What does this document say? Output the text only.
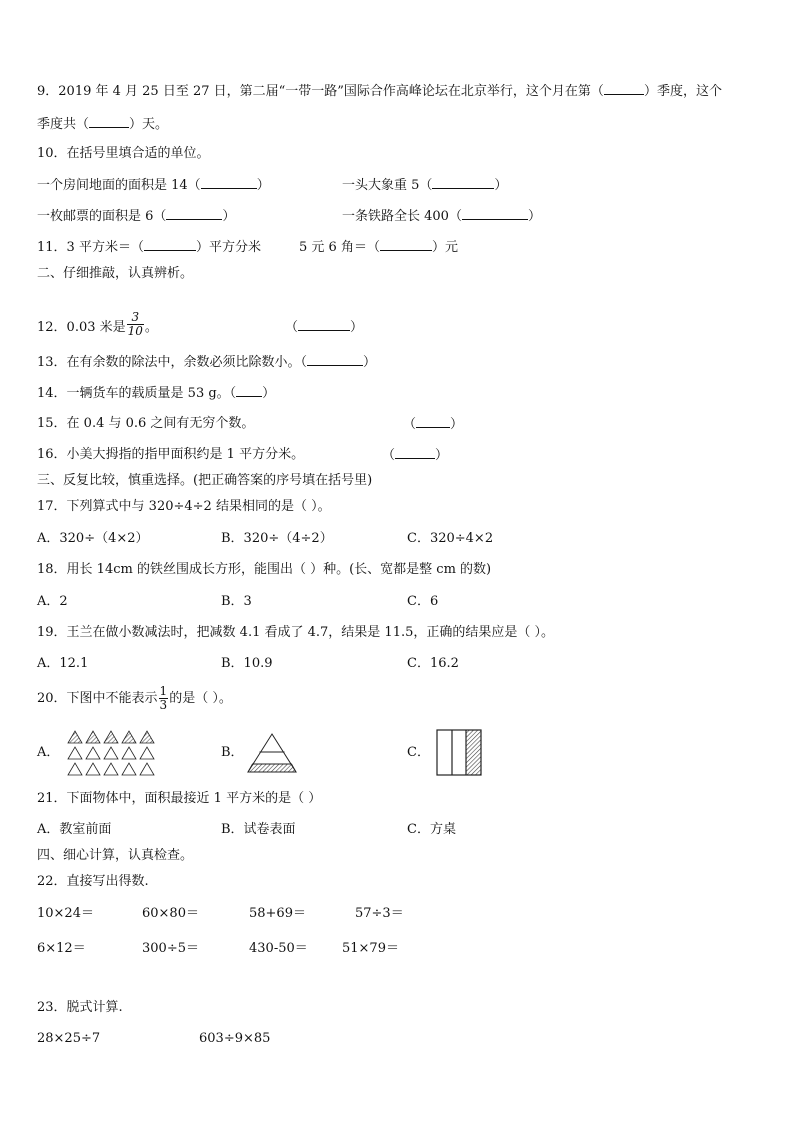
9．2019 年 4 月 25 日至 27 日，第二届“一带一路”国际合作高峰论坛在北京举行，这个月在第（	）季度，这个
季度共（	）天。
10．在括号里填合适的单位。
一个房间地面的面积是 14（	）	一头大象重 5（	）
一枚邮票的面积是 6（	）	一条铁路全长 400（	）
11．3 平方米＝（	）平方分米	5 元 6 角＝（	）元
二、仔细推敲，认真辨析。
12．0.03 米是 $\frac{3}{10}$ 。	（	）
13．在有余数的除法中，余数必须比除数小。（	）
14．一辆货车的载质量是 53 g。（ ）
15．在 0.4 与 0.6 之间有无穷个数。	（	）
16．小美大拇指的指甲面积约是 1 平方分米。	（	）
三、反复比较，慎重选择。(把正确答案的序号填在括号里)
17．下列算式中与 320÷4÷2 结果相同的是（ ）。
A．320÷（4×2）	B．320÷（4÷2）	C．320÷4×2
18．用长 14cm 的铁丝围成长方形，能围出（ ）种。(长、宽都是整 cm 的数)
A．2	B．3	C．6
19．王兰在做小数减法时，把减数 4.1 看成了 4.7，结果是 11.5，正确的结果应是（ ）。
A．12.1	B．10.9	C．16.2
20．下图中不能表示 $\frac{1}{3}$ 的是（ ）。
A．	B．	C．
21．下面物体中，面积最接近 1 平方米的是（ ）
A．教室前面	B．试卷表面	C．方桌
四、细心计算，认真检查。
22．直接写出得数.
10×24＝	60×80＝	58+69＝	57÷3＝
6×12＝	300÷5＝	430-50＝	51×79＝
23．脱式计算.
28×25÷7	603÷9×85
